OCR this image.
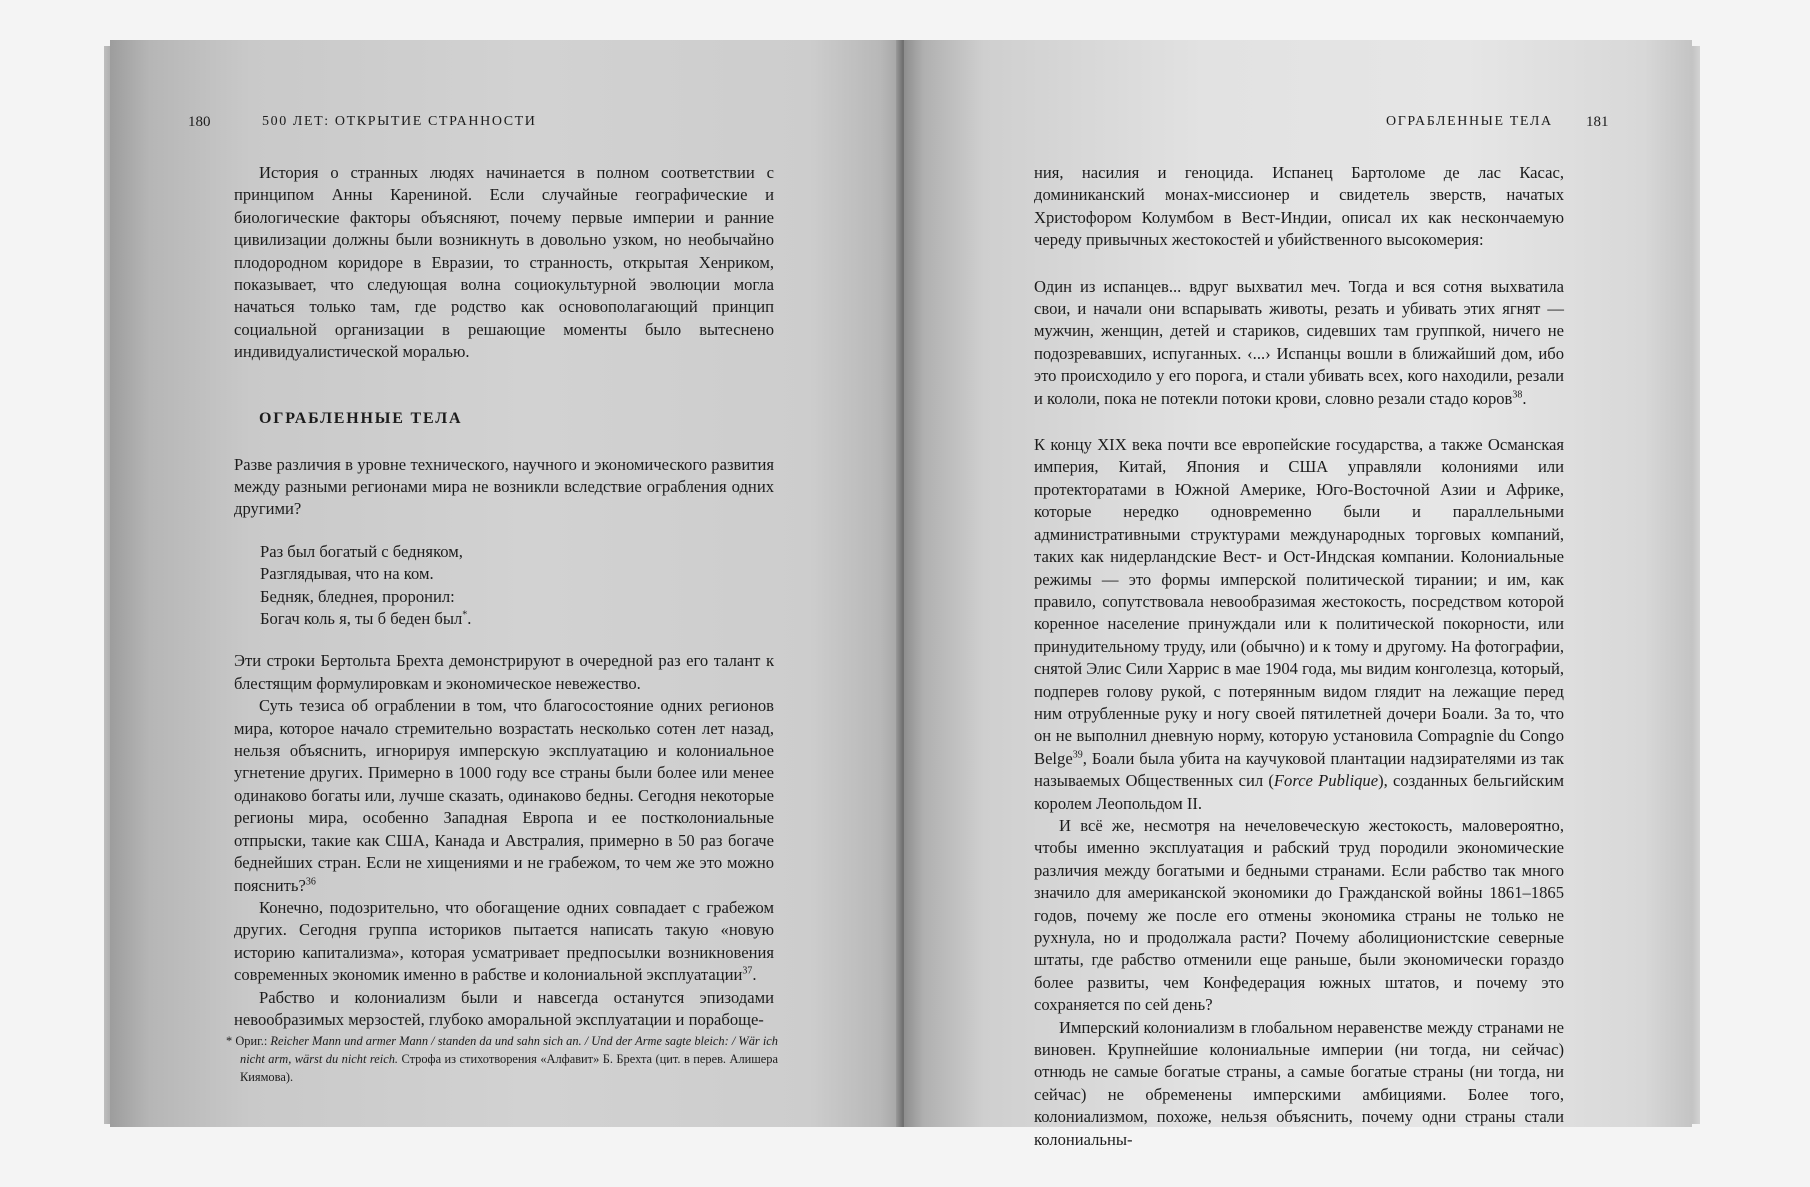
180	500 ЛЕТ: ОТКРЫТИЕ СТРАННОСТИ

История о странных людях начинается в полном соответствии с принципом Анны Карениной. Если случайные географические и биологические факторы объясняют, почему первые империи и ранние цивилизации должны были возникнуть в довольно узком, но необычайно плодородном коридоре в Евразии, то странность, открытая Хенриком, показывает, что следующая волна социокультурной эволюции могла начаться только там, где родство как основополагающий принцип социальной организации в решающие моменты было вытеснено индивидуалистической моралью.

ОГРАБЛЕННЫЕ ТЕЛА

Разве различия в уровне технического, научного и экономического развития между разными регионами мира не возникли вследствие ограбления одних другими?

Раз был богатый с бедняком,
Разглядывая, что на ком.
Бедняк, бледнея, проронил:
Богач коль я, ты б беден был*.

Эти строки Бертольта Брехта демонстрируют в очередной раз его талант к блестящим формулировкам и экономическое невежество.

Суть тезиса об ограблении в том, что благосостояние одних регионов мира, которое начало стремительно возрастать несколько сотен лет назад, нельзя объяснить, игнорируя имперскую эксплуатацию и колониальное угнетение других. Примерно в 1000 году все страны были более или менее одинаково богаты или, лучше сказать, одинаково бедны. Сегодня некоторые регионы мира, особенно Западная Европа и ее постколониальные отпрыски, такие как США, Канада и Австралия, примерно в 50 раз богаче беднейших стран. Если не хищениями и не грабежом, то чем же это можно пояснить?$^{36}$

Конечно, подозрительно, что обогащение одних совпадает с грабежом других. Сегодня группа историков пытается написать такую «новую историю капитализма», которая усматривает предпосылки возникновения современных экономик именно в рабстве и колониальной эксплуатации$^{37}$.

Рабство и колониализм были и навсегда останутся эпизодами невообразимых мерзостей, глубоко аморальной эксплуатации и порабоще-

* Ориг.: Reicher Mann und armer Mann / standen da und sahn sich an. / Und der Arme sagte bleich: / Wär ich nicht arm, wärst du nicht reich. Строфа из стихотворения «Алфавит» Б. Брехта (цит. в перев. Алишера Киямова).
ОГРАБЛЕННЫЕ ТЕЛА 181

ния, насилия и геноцида. Испанец Бартоломе де лас Касас, доминиканский монах-миссионер и свидетель зверств, начатых Христофором Колумбом в Вест-Индии, описал их как нескончаемую череду привычных жестокостей и убийственного высокомерия:

Один из испанцев... вдруг выхватил меч. Тогда и вся сотня выхватила свои, и начали они вспарывать животы, резать и убивать этих ягнят — мужчин, женщин, детей и стариков, сидевших там группкой, ничего не подозревавших, испуганных. ‹...› Испанцы вошли в ближайший дом, ибо это происходило у его порога, и стали убивать всех, кого находили, резали и кололи, пока не потекли потоки крови, словно резали стадо коров$^{38}$.

К концу XIX века почти все европейские государства, а также Османская империя, Китай, Япония и США управляли колониями или протекторатами в Южной Америке, Юго-Восточной Азии и Африке, которые нередко одновременно были и параллельными административными структурами международных торговых компаний, таких как нидерландские Вест- и Ост-Индская компании. Колониальные режимы — это формы имперской политической тирании; и им, как правило, сопутствовала невообразимая жестокость, посредством которой коренное население принуждали или к политической покорности, или принудительному труду, или (обычно) и к тому и другому. На фотографии, снятой Элис Сили Харрис в мае 1904 года, мы видим конголезца, который, подперев голову рукой, с потерянным видом глядит на лежащие перед ним отрубленные руку и ногу своей пятилетней дочери Боали. За то, что он не выполнил дневную норму, которую установила Compagnie du Congo Belge$^{39}$, Боали была убита на каучуковой плантации надзирателями из так называемых Общественных сил (Force Publique), созданных бельгийским королем Леопольдом II.

И всё же, несмотря на нечеловеческую жестокость, маловероятно, чтобы именно эксплуатация и рабский труд породили экономические различия между богатыми и бедными странами. Если рабство так много значило для американской экономики до Гражданской войны 1861–1865 годов, почему же после его отмены экономика страны не только не рухнула, но и продолжала расти? Почему аболиционистские северные штаты, где рабство отменили еще раньше, были экономически гораздо более развиты, чем Конфедерация южных штатов, и почему это сохраняется по сей день?

Имперский колониализм в глобальном неравенстве между странами не виновен. Крупнейшие колониальные империи (ни тогда, ни сейчас) отнюдь не самые богатые страны, а самые богатые страны (ни тогда, ни сейчас) не обременены имперскими амбициями. Более того, колониализмом, похоже, нельзя объяснить, почему одни страны стали колониальны-
